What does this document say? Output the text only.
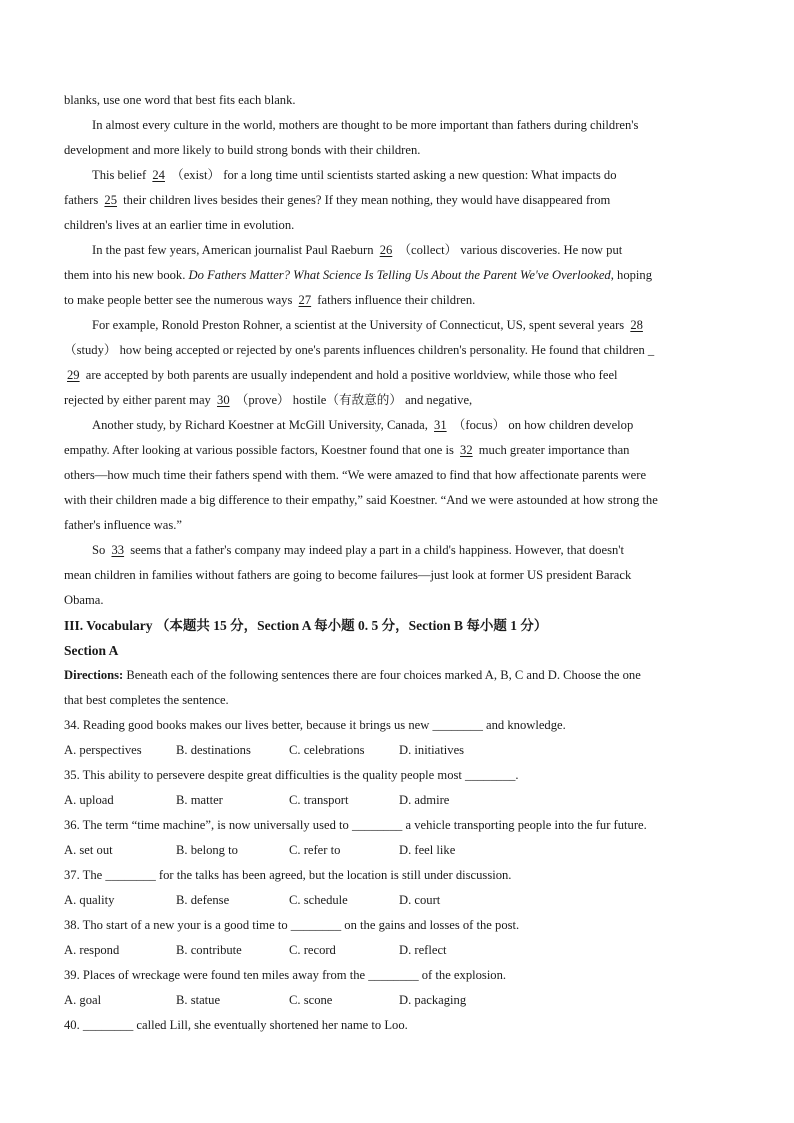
blanks, use one word that best fits each blank.
In almost every culture in the world, mothers are thought to be more important than fathers during children's
development and more likely to build strong bonds with their children.
This belief 24 （exist） for a long time until scientists started asking a new question: What impacts do
fathers 25 their children lives besides their genes? If they mean nothing, they would have disappeared from
children's lives at an earlier time in evolution.
In the past few years, American journalist Paul Raeburn 26 （collect） various discoveries. He now put
them into his new book. Do Fathers Matter? What Science Is Telling Us About the Parent We've Overlooked, hoping
to make people better see the numerous ways 27 fathers influence their children.
For example, Ronold Preston Rohner, a scientist at the University of Connecticut, US, spent several years 28
（study） how being accepted or rejected by one's parents influences children's personality. He found that children _
29 are accepted by both parents are usually independent and hold a positive worldview, while those who feel
rejected by either parent may 30 （prove） hostile（有敌意的） and negative,
Another study, by Richard Koestner at McGill University, Canada, 31 （focus） on how children develop
empathy. After looking at various possible factors, Koestner found that one is 32 much greater importance than
others—how much time their fathers spend with them. “We were amazed to find that how affectionate parents were
with their children made a big difference to their empathy,” said Koestner. “And we were astounded at how strong the
father's influence was.”
So 33 seems that a father's company may indeed play a part in a child's happiness. However, that doesn't
mean children in families without fathers are going to become failures—just look at former US president Barack
Obama.
III. Vocabulary （本题共 15 分，Section A 每小题 0. 5 分，Section B 每小题 1 分）
Section A
Directions: Beneath each of the following sentences there are four choices marked A, B, C and D. Choose the one
that best completes the sentence.
34. Reading good books makes our lives better, because it brings us new ________ and knowledge.
A. perspectives	B. destinations	C. celebrations	D. initiatives
35. This ability to persevere despite great difficulties is the quality people most ________.
A. upload	B. matter	C. transport	D. admire
36. The term “time machine”, is now universally used to ________ a vehicle transporting people into the fur future.
A. set out	B. belong to	C. refer to	D. feel like
37. The ________ for the talks has been agreed, but the location is still under discussion.
A. quality	B. defense	C. schedule	D. court
38. Tho start of a new your is a good time to ________ on the gains and losses of the post.
A. respond	B. contribute	C. record	D. reflect
39. Places of wreckage were found ten miles away from the ________ of the explosion.
A. goal	B. statue	C. scone	D. packaging
40. ________ called Lill, she eventually shortened her name to Loo.
